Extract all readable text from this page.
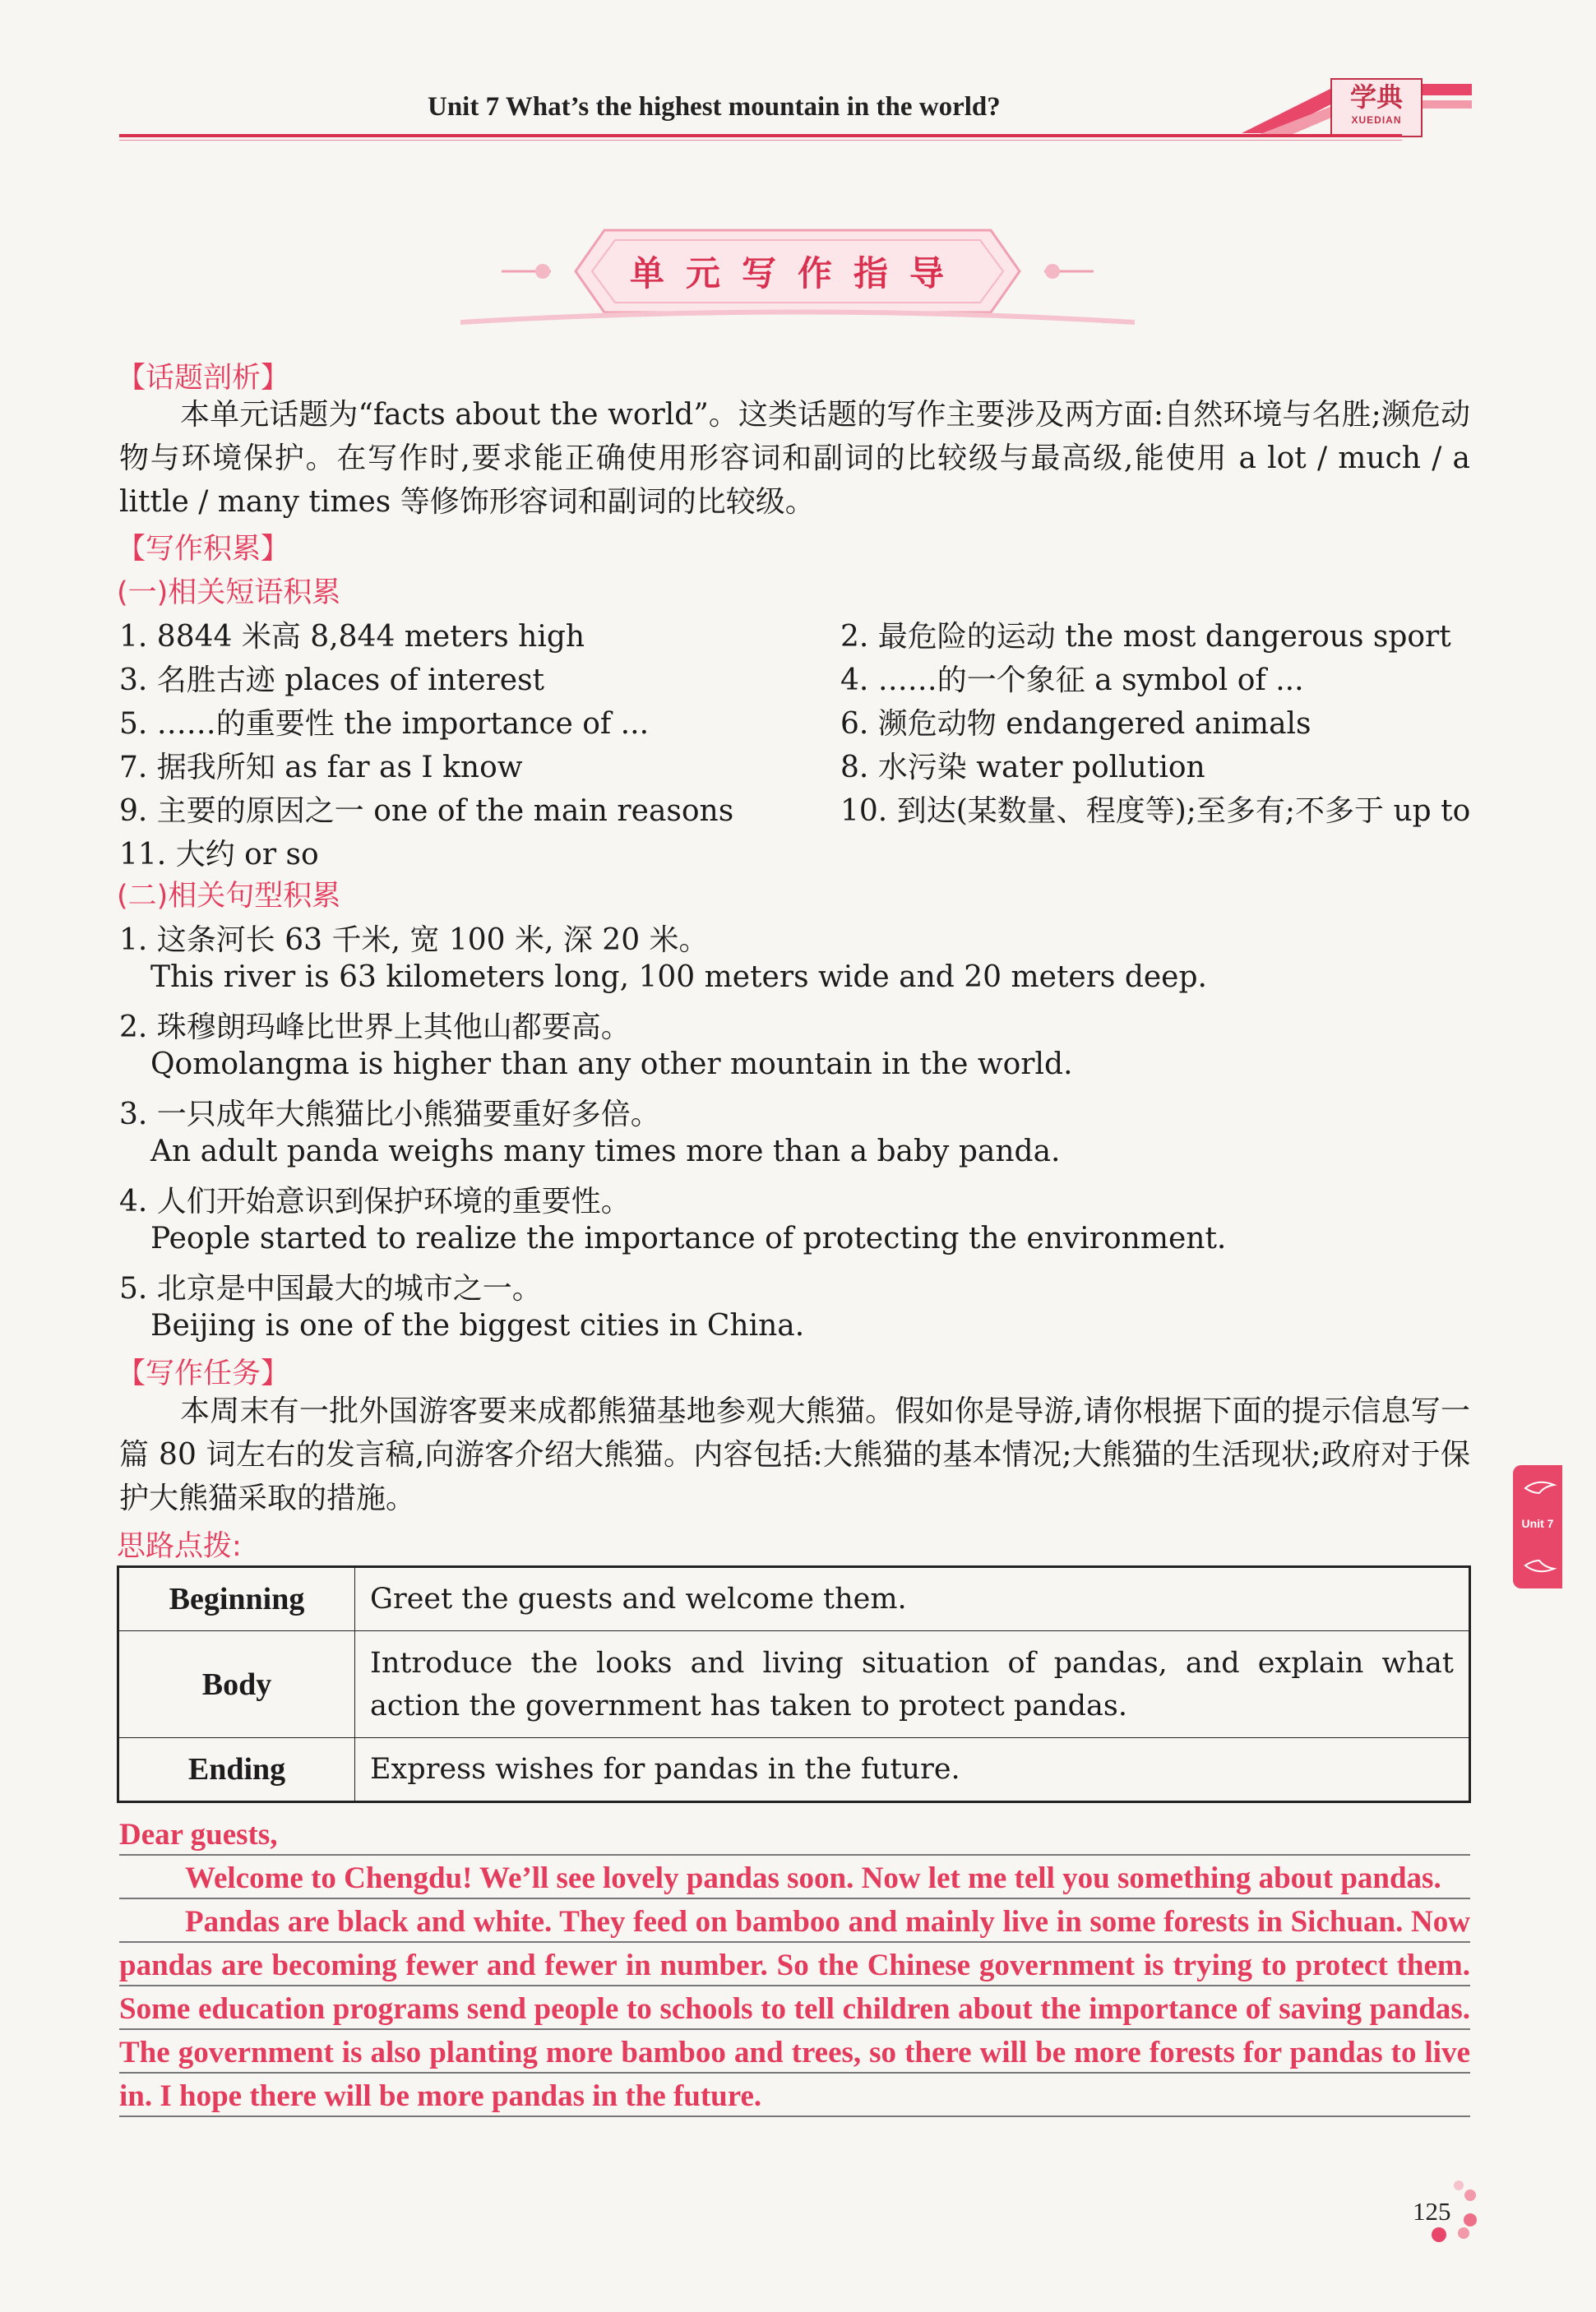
Unit 7 What’s the highest mountain in the world?	学典
XUEDIAN
单元写作指导
【话题剖析】
本单元话题为“facts about the world”。这类话题的写作主要涉及两方面:自然环境与名胜;濒危动物与环境保护。在写作时,要求能正确使用形容词和副词的比较级与最高级,能使用 a lot / much / a little / many times 等修饰形容词和副词的比较级。
【写作积累】
(一)相关短语积累
1. 8844 米高 8,844 meters high	2. 最危险的运动 the most dangerous sport
3. 名胜古迹 places of interest	4. ……的一个象征 a symbol of ...
5. ……的重要性 the importance of ...	6. 濒危动物 endangered animals
7. 据我所知 as far as I know	8. 水污染 water pollution
9. 主要的原因之一 one of the main reasons	10. 到达(某数量、程度等);至多有;不多于 up to
11. 大约 or so
(二)相关句型积累
1. 这条河长 63 千米, 宽 100 米, 深 20 米。
This river is 63 kilometers long, 100 meters wide and 20 meters deep.
2. 珠穆朗玛峰比世界上其他山都要高。
Qomolangma is higher than any other mountain in the world.
3. 一只成年大熊猫比小熊猫要重好多倍。
An adult panda weighs many times more than a baby panda.
4. 人们开始意识到保护环境的重要性。
People started to realize the importance of protecting the environment.
5. 北京是中国最大的城市之一。
Beijing is one of the biggest cities in China.
【写作任务】
本周末有一批外国游客要来成都熊猫基地参观大熊猫。假如你是导游,请你根据下面的提示信息写一篇 80 词左右的发言稿,向游客介绍大熊猫。内容包括:大熊猫的基本情况;大熊猫的生活现状;政府对于保护大熊猫采取的措施。
思路点拨:
Beginning	Greet the guests and welcome them.
Body	Introduce the looks and living situation of pandas, and explain what action the government has taken to protect pandas.
Ending	Express wishes for pandas in the future.

Dear guests,

Welcome to Chengdu! We’ll see lovely pandas soon. Now let me tell you something about pandas.

Pandas are black and white. They feed on bamboo and mainly live in some forests in Sichuan. Now pandas are becoming fewer and fewer in number. So the Chinese government is trying to protect them. Some education programs send people to schools to tell children about the importance of saving pandas. The government is also planting more bamboo and trees, so there will be more forests for pandas to live in. I hope there will be more pandas in the future.

Unit 7
125
